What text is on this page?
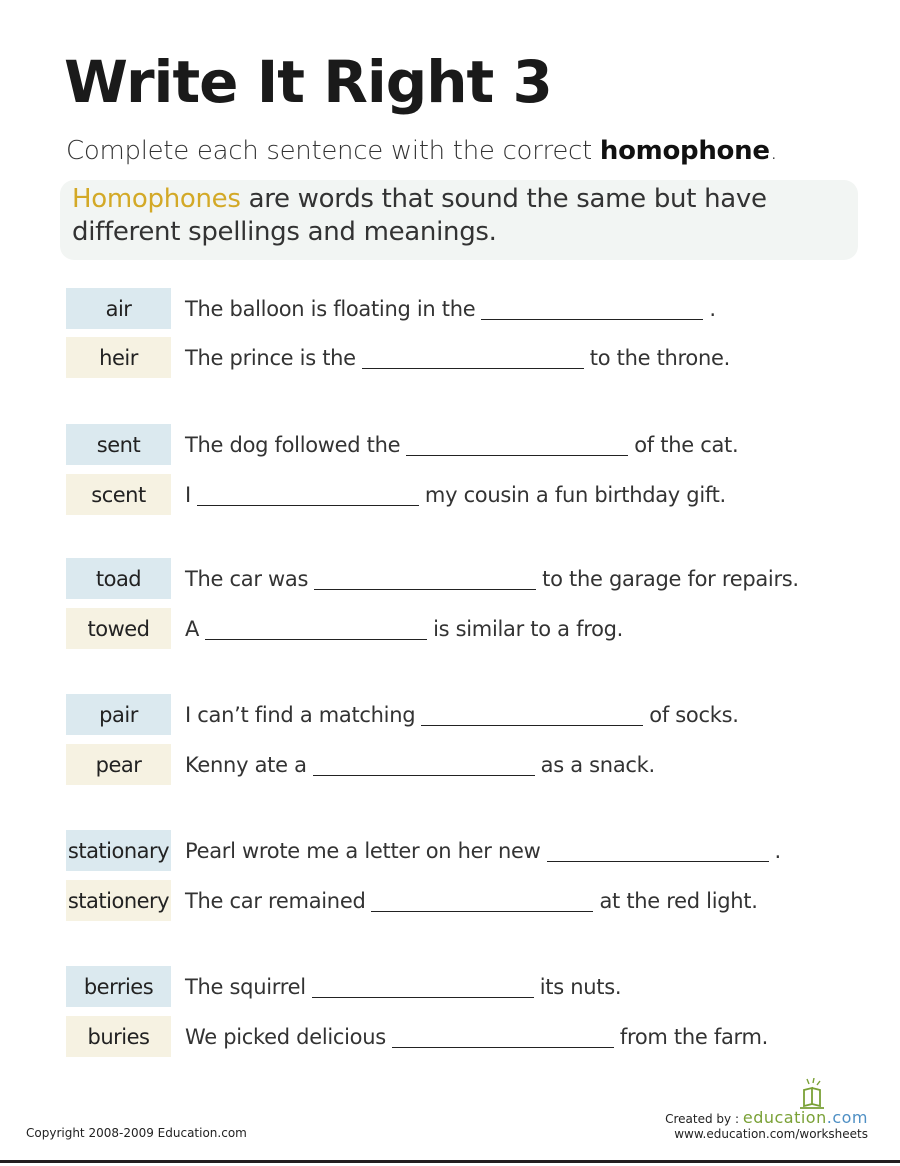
Write It Right 3
Complete each sentence with the correct homophone.
Homophones are words that sound the same but have different spellings and meanings.
air	The balloon is floating in the	.
heir	The prince is the	to the throne.
sent	The dog followed the	of the cat.
scent	I	my cousin a fun birthday gift.
toad	The car was	to the garage for repairs.
towed	A	is similar to a frog.
pair	I can’t find a matching	of socks.
pear	Kenny ate a	as a snack.
stationary Pearl wrote me a letter on her new	.
stationery The car remained	at the red light.
berries	The squirrel	its nuts.
buries	We picked delicious	from the farm.
Copyright 2008-2009 Education.com
Created by : education.com
www.education.com/worksheets
